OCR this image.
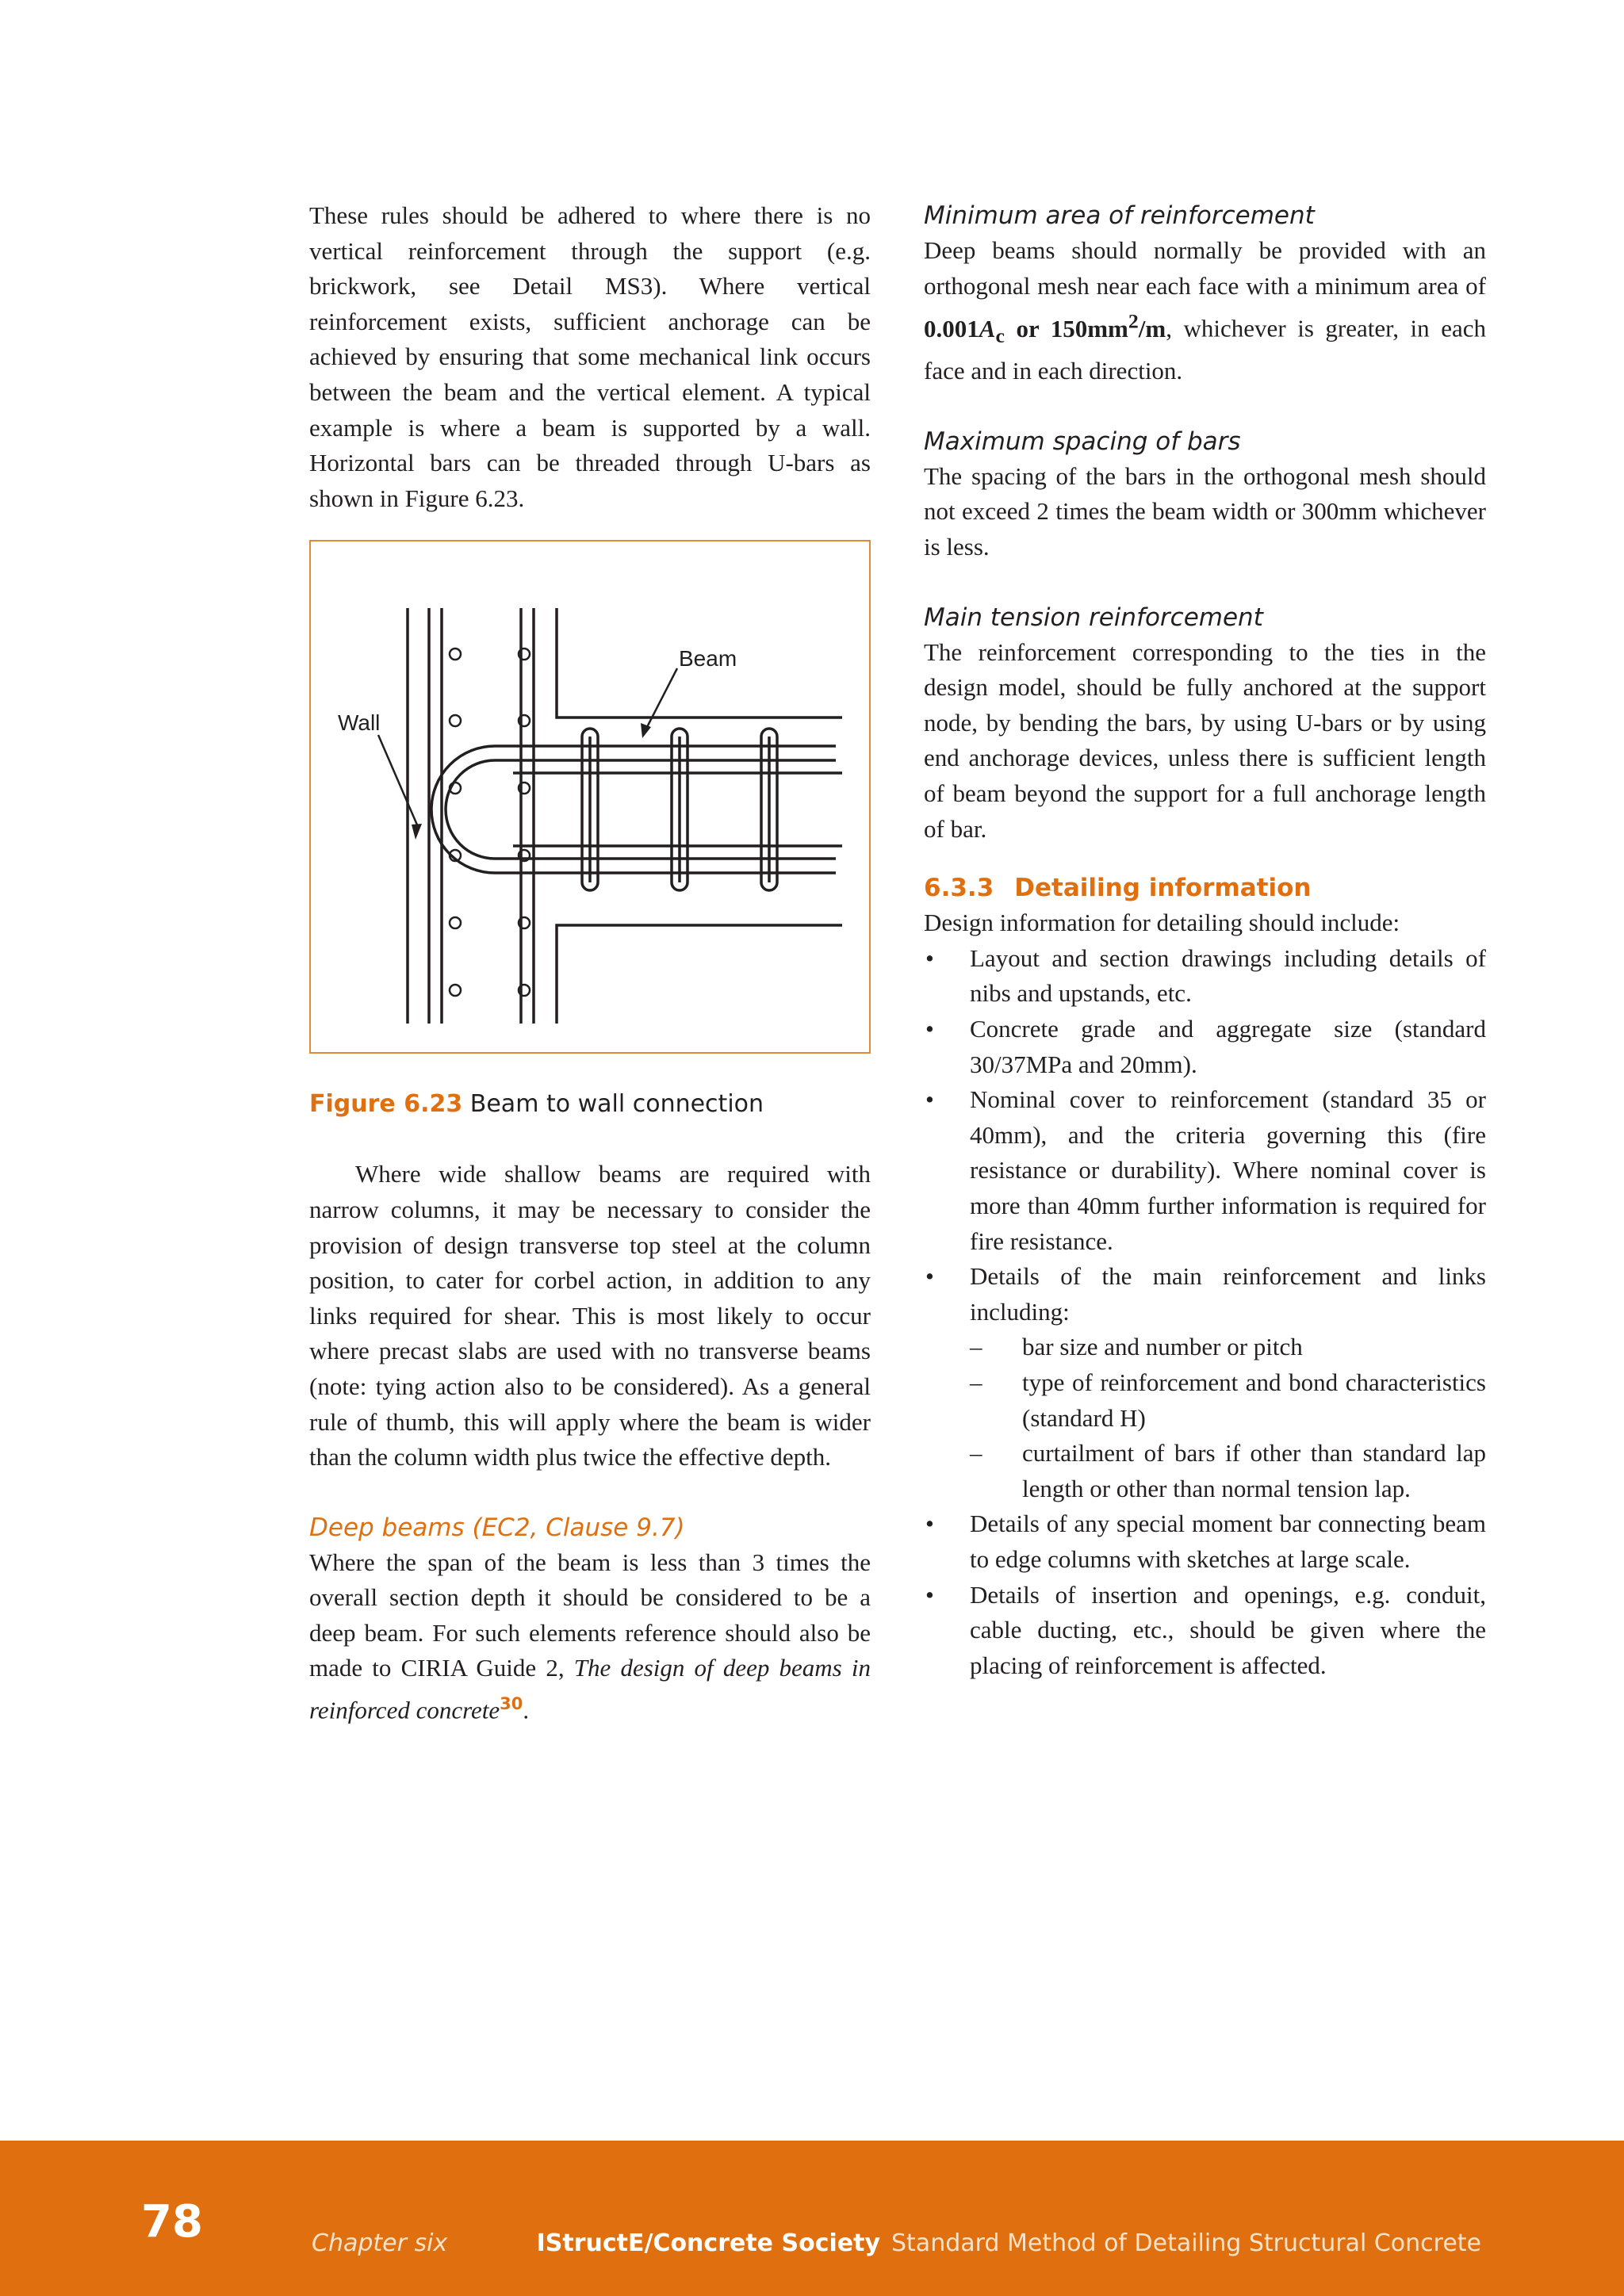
These rules should be adhered to where there is no vertical reinforcement through the support (e.g. brickwork, see Detail MS3). Where vertical reinforcement exists, sufficient anchorage can be achieved by ensuring that some mechanical link occurs between the beam and the vertical element. A typical example is where a beam is supported by a wall. Horizontal bars can be threaded through U-bars as shown in Figure 6.23.

Wall
Beam
Figure 6.23 Beam to wall connection

Where wide shallow beams are required with narrow columns, it may be necessary to consider the provision of design transverse top steel at the column position, to cater for corbel action, in addition to any links required for shear. This is most likely to occur where precast slabs are used with no transverse beams (note: tying action also to be considered). As a general rule of thumb, this will apply where the beam is wider than the column width plus twice the effective depth.

Deep beams (EC2, Clause 9.7)

Where the span of the beam is less than 3 times the overall section depth it should be considered to be a deep beam. For such elements reference should also be made to CIRIA Guide 2, The design of deep beams in reinforced concrete$^{30}$.

Minimum area of reinforcement

Deep beams should normally be provided with an orthogonal mesh near each face with a minimum area of $0.001A_c$ or $150mm^2/m$, whichever is greater, in each face and in each direction.

Maximum spacing of bars

The spacing of the bars in the orthogonal mesh should not exceed 2 times the beam width or 300mm whichever is less.

Main tension reinforcement

The reinforcement corresponding to the ties in the design model, should be fully anchored at the support node, by bending the bars, by using U-bars or by using end anchorage devices, unless there is sufficient length of beam beyond the support for a full anchorage length of bar.

6.3.3 Detailing information

Design information for detailing should include:

• Layout and section drawings including details of nibs and upstands, etc.
• Concrete grade and aggregate size (standard 30/37MPa and 20mm).
• Nominal cover to reinforcement (standard 35 or 40mm), and the criteria governing this (fire resistance or durability). Where nominal cover is more than 40mm further information is required for fire resistance.
• Details of the main reinforcement and links including:
– bar size and number or pitch
– type of reinforcement and bond characteristics (standard H)
– curtailment of bars if other than standard lap length or other than normal tension lap.
• Details of any special moment bar connecting beam to edge columns with sketches at large scale.
• Details of insertion and openings, e.g. conduit, cable ducting, etc., should be given where the placing of reinforcement is affected.
78	Chapter six	IStructE/Concrete Society Standard Method of Detailing Structural Concrete
